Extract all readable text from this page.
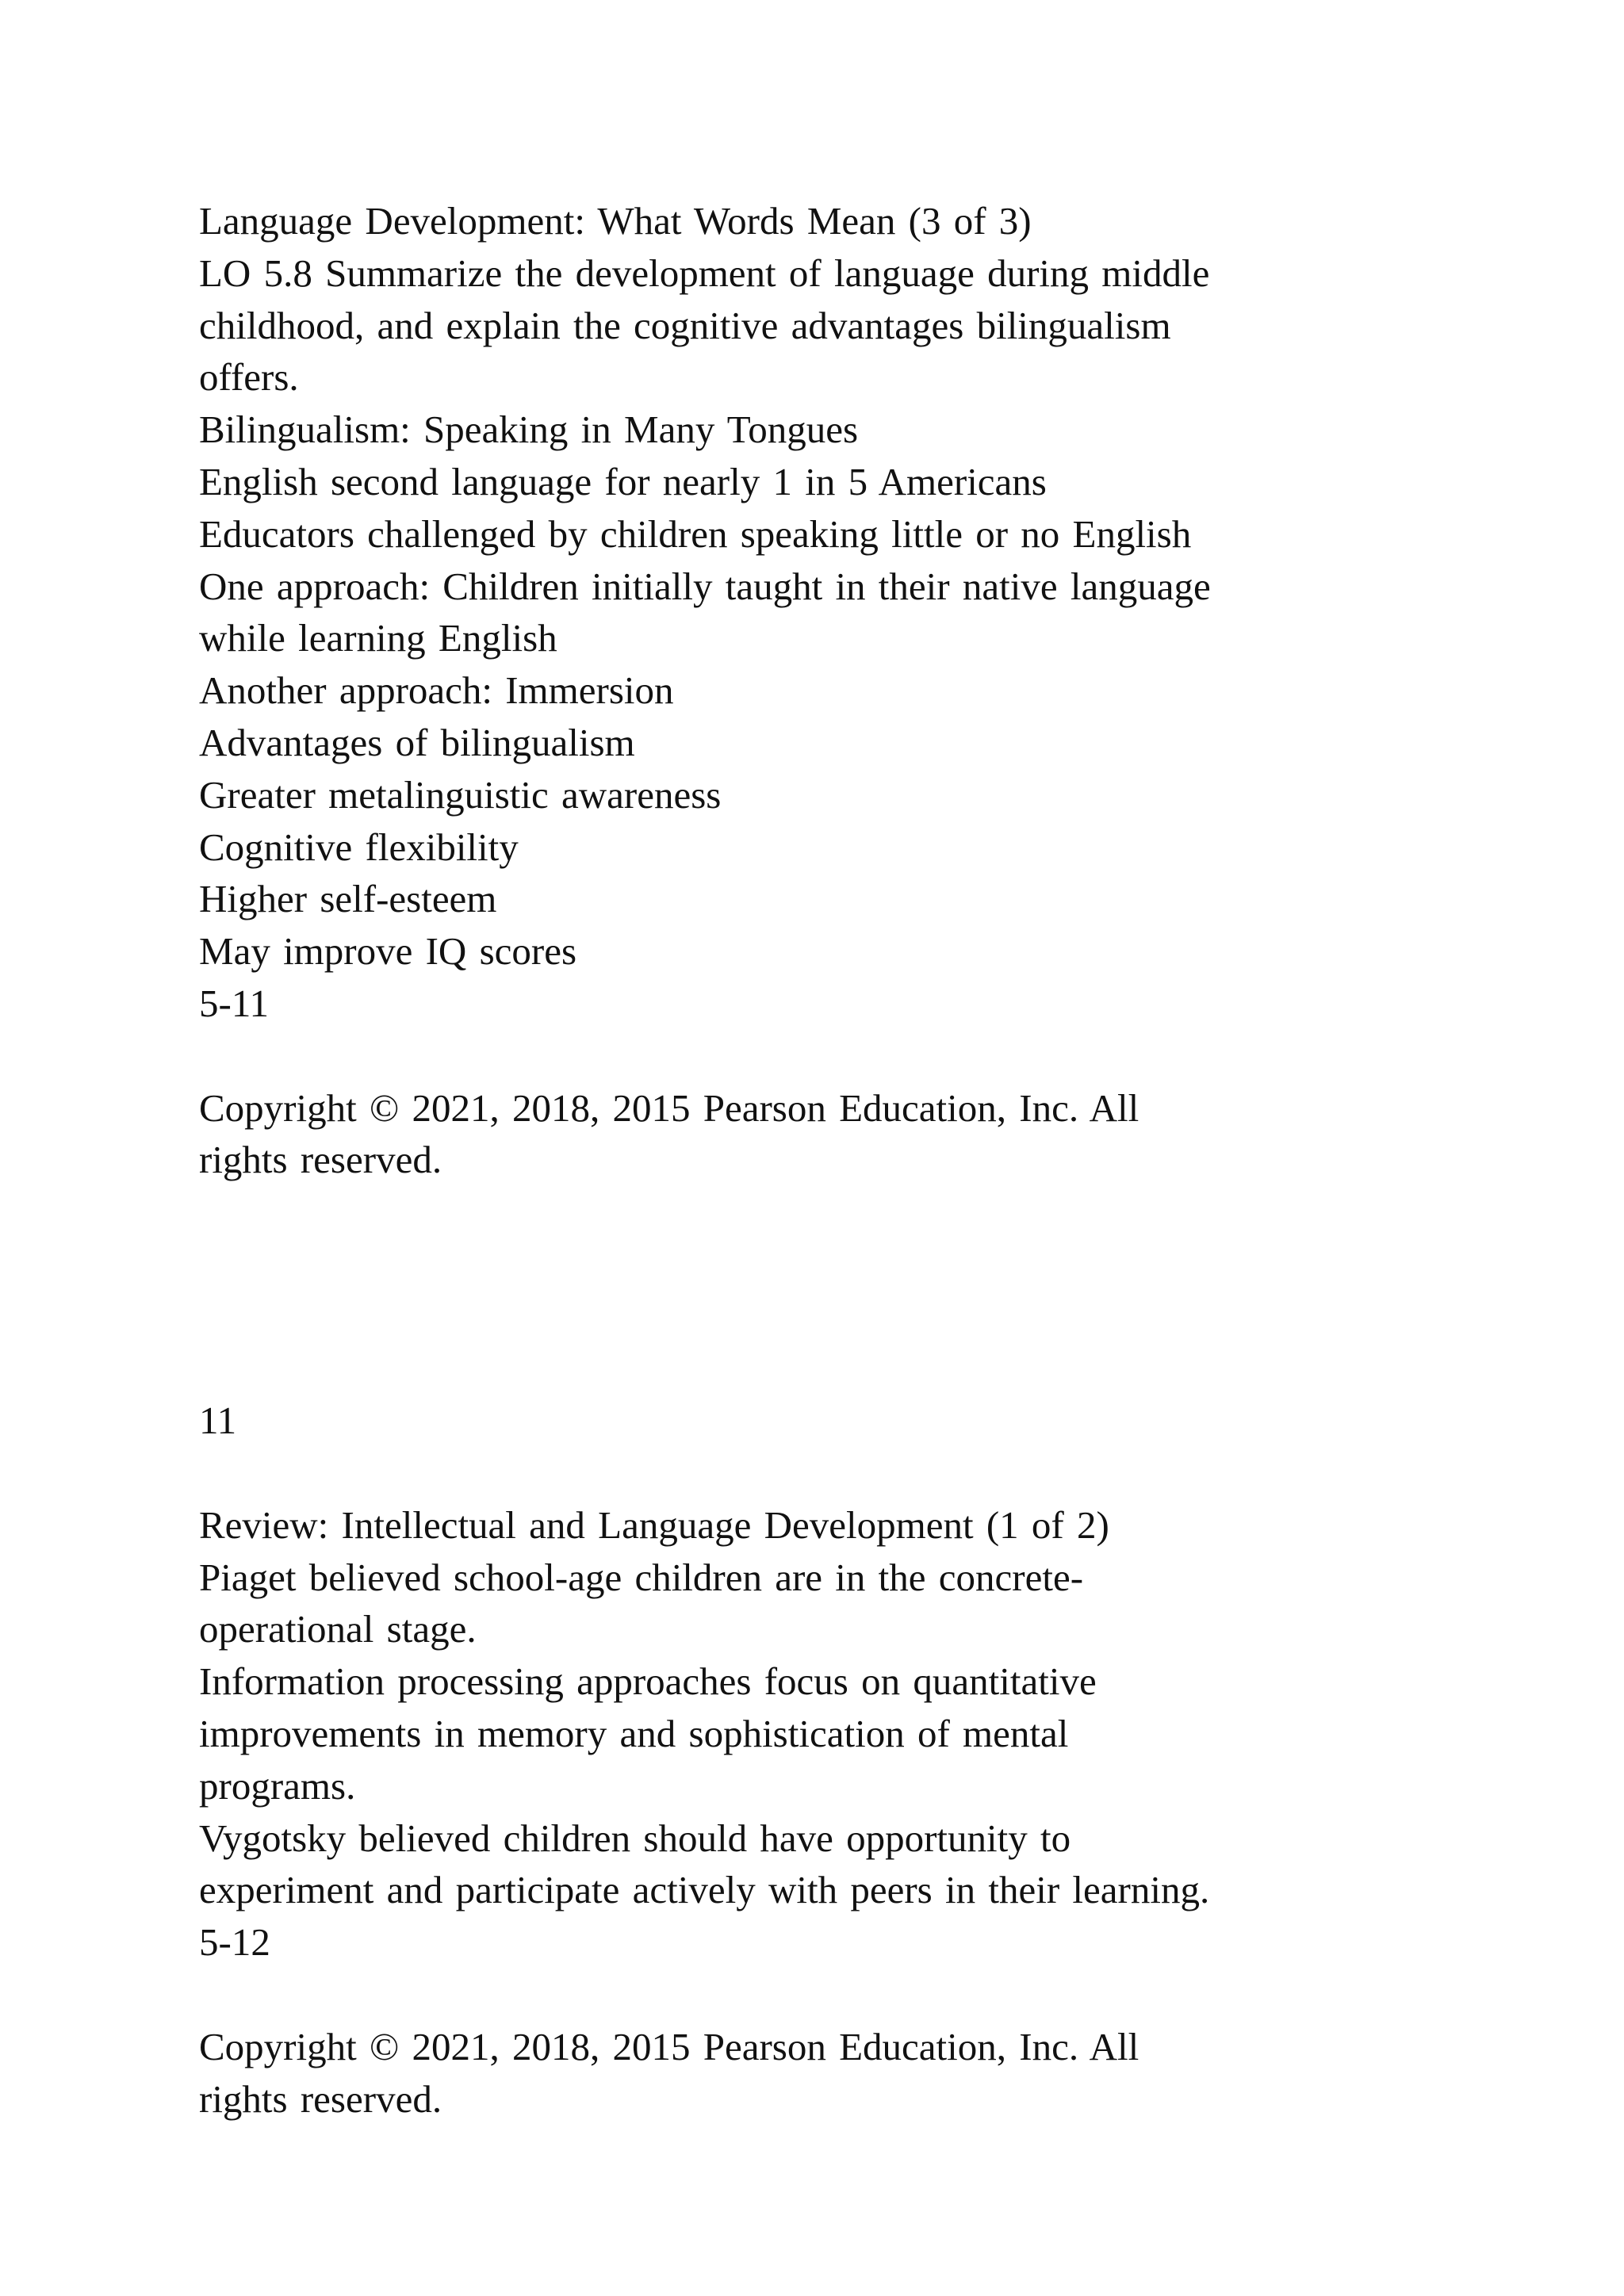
Language Development: What Words Mean (3 of 3)
LO 5.8 Summarize the development of language during middle
childhood, and explain the cognitive advantages bilingualism
offers.
Bilingualism: Speaking in Many Tongues
English second language for nearly 1 in 5 Americans
Educators challenged by children speaking little or no English
One approach: Children initially taught in their native language
while learning English
Another approach: Immersion
Advantages of bilingualism
Greater metalinguistic awareness
Cognitive flexibility
Higher self-esteem
May improve IQ scores
5-11
Copyright © 2021, 2018, 2015 Pearson Education, Inc. All
rights reserved.
11
Review: Intellectual and Language Development (1 of 2)
Piaget believed school-age children are in the concrete-
operational stage.
Information processing approaches focus on quantitative
improvements in memory and sophistication of mental
programs.
Vygotsky believed children should have opportunity to
experiment and participate actively with peers in their learning.
5-12
Copyright © 2021, 2018, 2015 Pearson Education, Inc. All
rights reserved.
